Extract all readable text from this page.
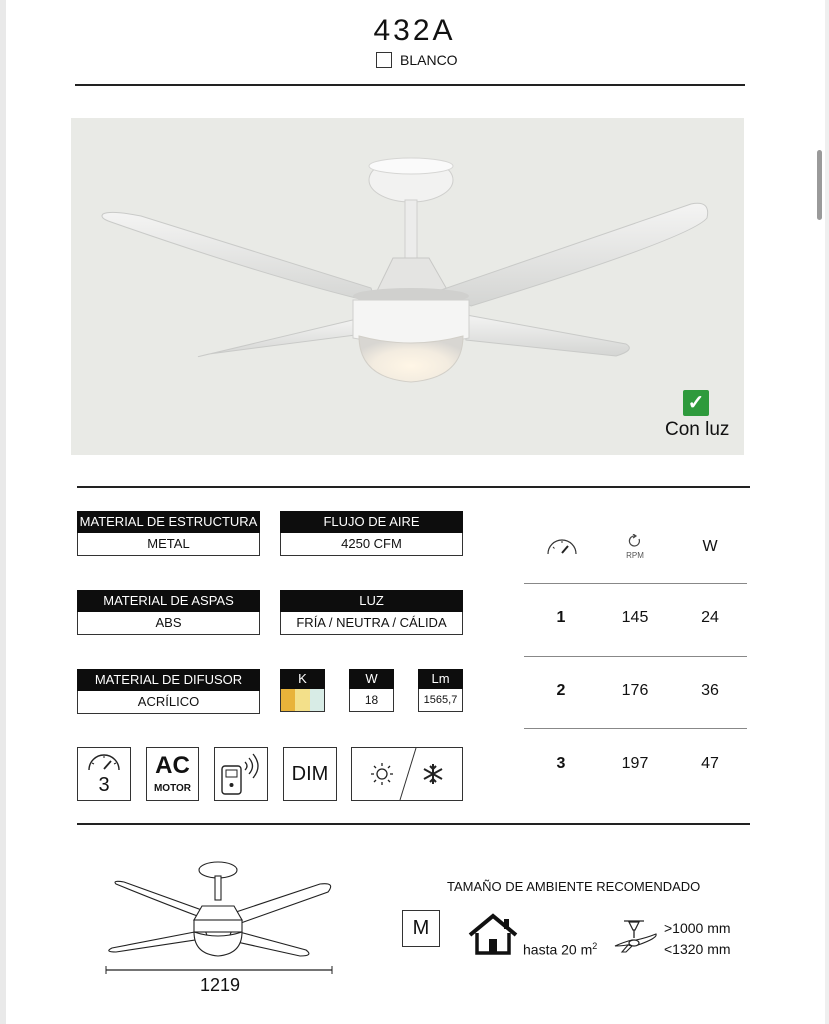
432A
BLANCO
✓
Con luz
MATERIAL DE ESTRUCTURA
METAL
FLUJO DE AIRE
4250 CFM
MATERIAL DE ASPAS
ABS
LUZ
FRÍA / NEUTRA / CÁLIDA
MATERIAL DE DIFUSOR
ACRÍLICO
K	W
18
Lm
1565,7
3
AC
MOTOR
DIM
RPM
W
1	145	24
2	176	36
3	197	47
1219
TAMAÑO DE AMBIENTE RECOMENDADO
M
hasta 20 $m^2$
>1000 mm
<1320 mm
